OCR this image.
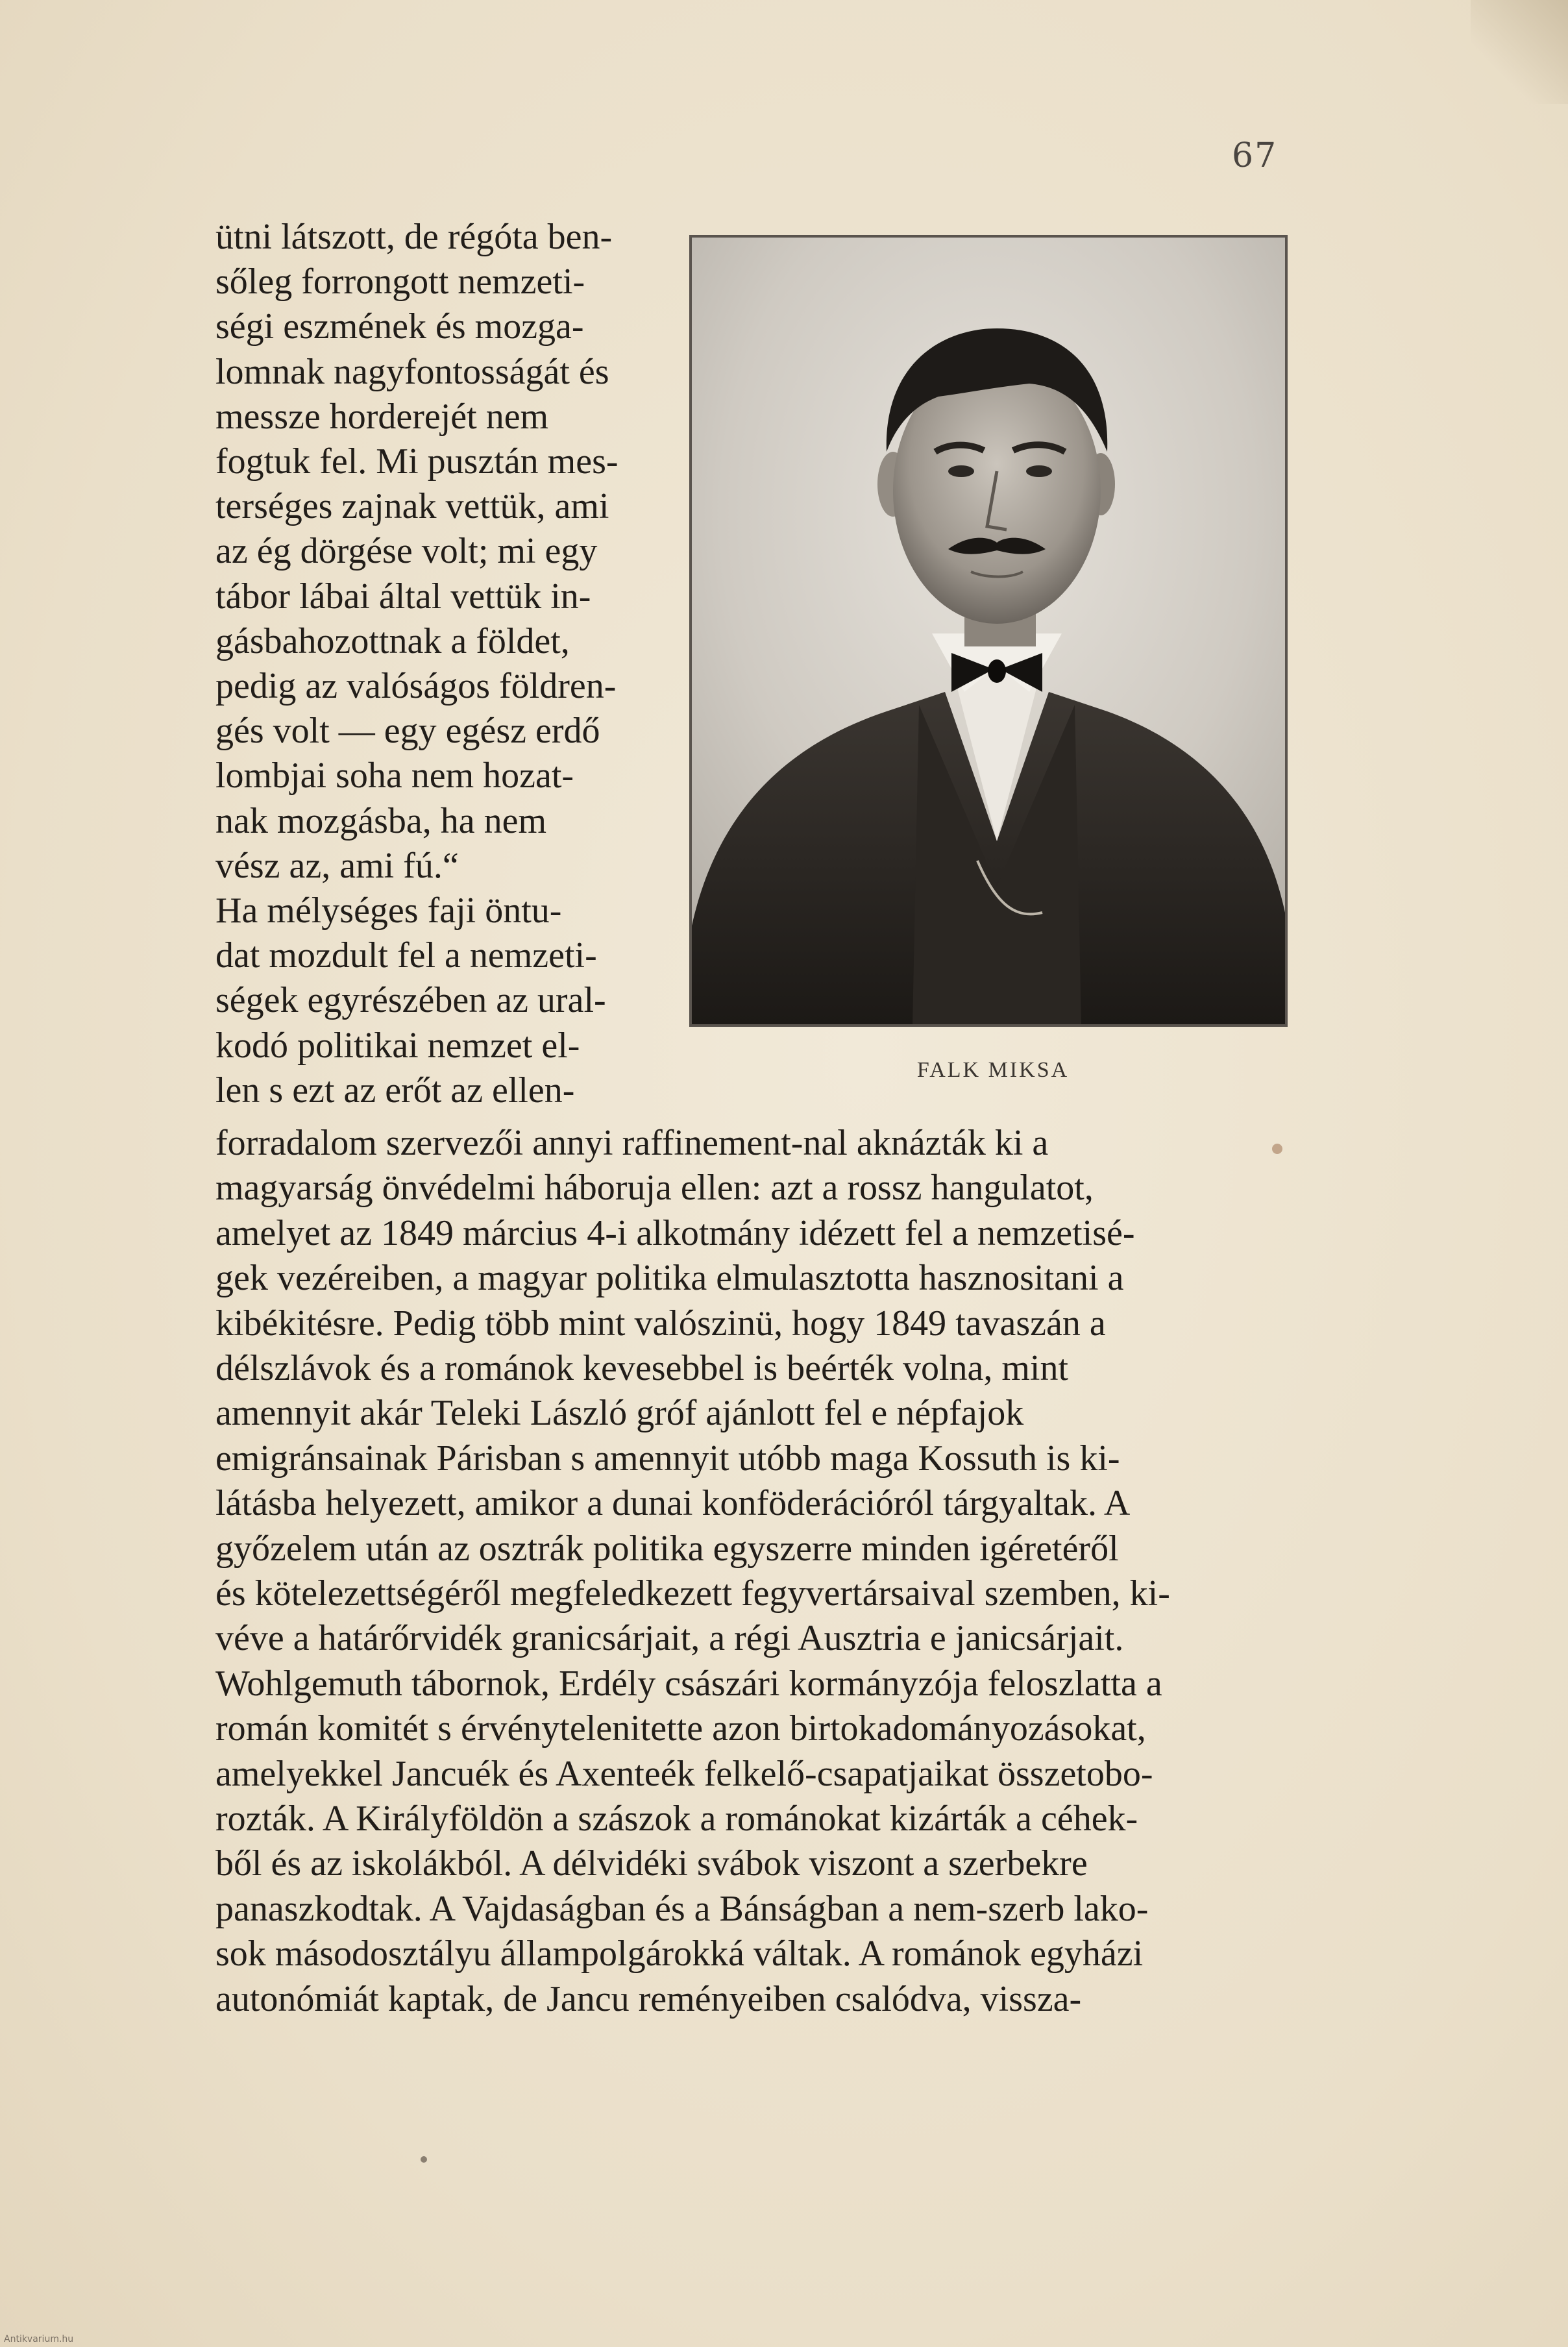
67
ütni látszott, de régóta ben-
sőleg forrongott nemzeti-
ségi eszmének és mozga-
lomnak nagyfontosságát és
messze horderejét nem
fogtuk fel. Mi pusztán mes-
terséges zajnak vettük, ami
az ég dörgése volt; mi egy
tábor lábai által vettük in-
gásbahozottnak a földet,
pedig az valóságos földren-
gés volt — egy egész erdő
lombjai soha nem hozat-
nak mozgásba, ha nem
vész az, ami fú.“
Ha mélységes faji öntu-
dat mozdult fel a nemzeti-
ségek egyrészében az ural-
kodó politikai nemzet el-
len s ezt az erőt az ellen-
forradalom szervezői annyi raffinement-nal aknázták ki a
magyarság önvédelmi háboruja ellen: azt a rossz hangulatot,
amelyet az 1849 március 4-i alkotmány idézett fel a nemzetisé-
gek vezéreiben, a magyar politika elmulasztotta hasznositani a
kibékitésre. Pedig több mint valószinü, hogy 1849 tavaszán a
délszlávok és a románok kevesebbel is beérték volna, mint
amennyit akár Teleki László gróf ajánlott fel e népfajok
emigránsainak Párisban s amennyit utóbb maga Kossuth is ki-
látásba helyezett, amikor a dunai konföderációról tárgyaltak. A
győzelem után az osztrák politika egyszerre minden igéretéről
és kötelezettségéről megfeledkezett fegyvertársaival szemben, ki-
véve a határőrvidék granicsárjait, a régi Ausztria e janicsárjait.
Wohlgemuth tábornok, Erdély császári kormányzója feloszlatta a
román komitét s érvénytelenitette azon birtokadományozásokat,
amelyekkel Jancuék és Axenteék felkelő-csapatjaikat összetobo-
rozták. A Királyföldön a szászok a románokat kizárták a céhek-
ből és az iskolákból. A délvidéki svábok viszont a szerbekre
panaszkodtak. A Vajdaságban és a Bánságban a nem-szerb lako-
sok másodosztályu állampolgárokká váltak. A románok egyházi
autonómiát kaptak, de Jancu reményeiben csalódva, vissza-
FALK MIKSA
Antikvarium.hu
